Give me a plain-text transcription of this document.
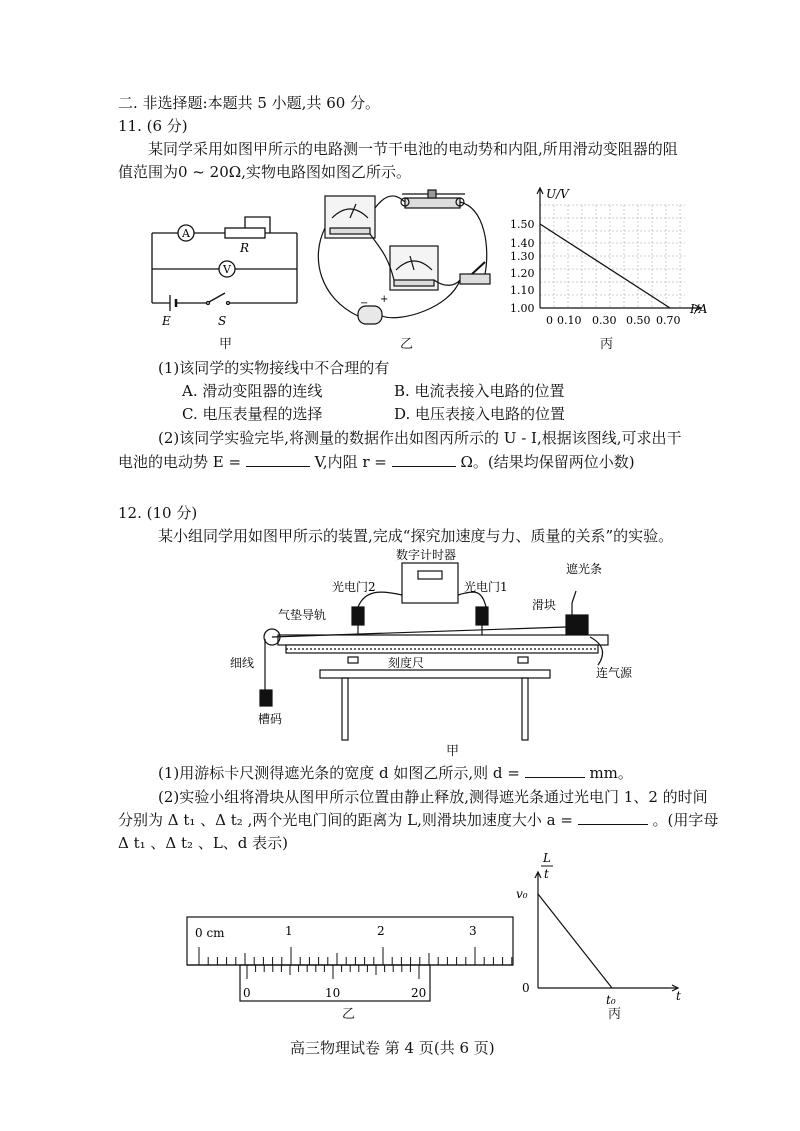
二. 非选择题:本题共 5 小题,共 60 分。
11. (6 分)
某同学采用如图甲所示的电路测一节干电池的电动势和内阻,所用滑动变阻器的阻
值范围为0 ~ 20Ω,实物电路图如图乙所示。
A
V
R
E	S
甲
− +
乙
U/V
I/A
1.50
1.40
1.30
1.20
1.10
1.00
0 0.10 0.30 0.50 0.70
丙
(1)该同学的实物接线中不合理的有
A. 滑动变阻器的连线	B. 电流表接入电路的位置
C. 电压表量程的选择	D. 电压表接入电路的位置
(2)该同学实验完毕,将测量的数据作出如图丙所示的 U - I,根据该图线,可求出干
电池的电动势 E =	V,内阻 r =	Ω。(结果均保留两位小数)
12. (10 分)
某小组同学用如图甲所示的装置,完成“探究加速度与力、质量的关系”的实验。
数字计时器
光电门2	光电门1
遮光条
滑块
气垫导轨
细线	刻度尺
连气源
槽码
甲
(1)用游标卡尺测得遮光条的宽度 d 如图乙所示,则 d =	mm。
(2)实验小组将滑块从图甲所示位置由静止释放,测得遮光条通过光电门 1、2 的时间
分别为 Δ t₁ 、Δ t₂ ,两个光电门间的距离为 L,则滑块加速度大小 a =	。(用字母
Δ t₁ 、Δ t₂ 、L、d 表示)
0 cm	1	2	3
0	10	20
乙
L
t
v₀
0
t₀	t
丙
高三物理试卷 第 4 页(共 6 页)
